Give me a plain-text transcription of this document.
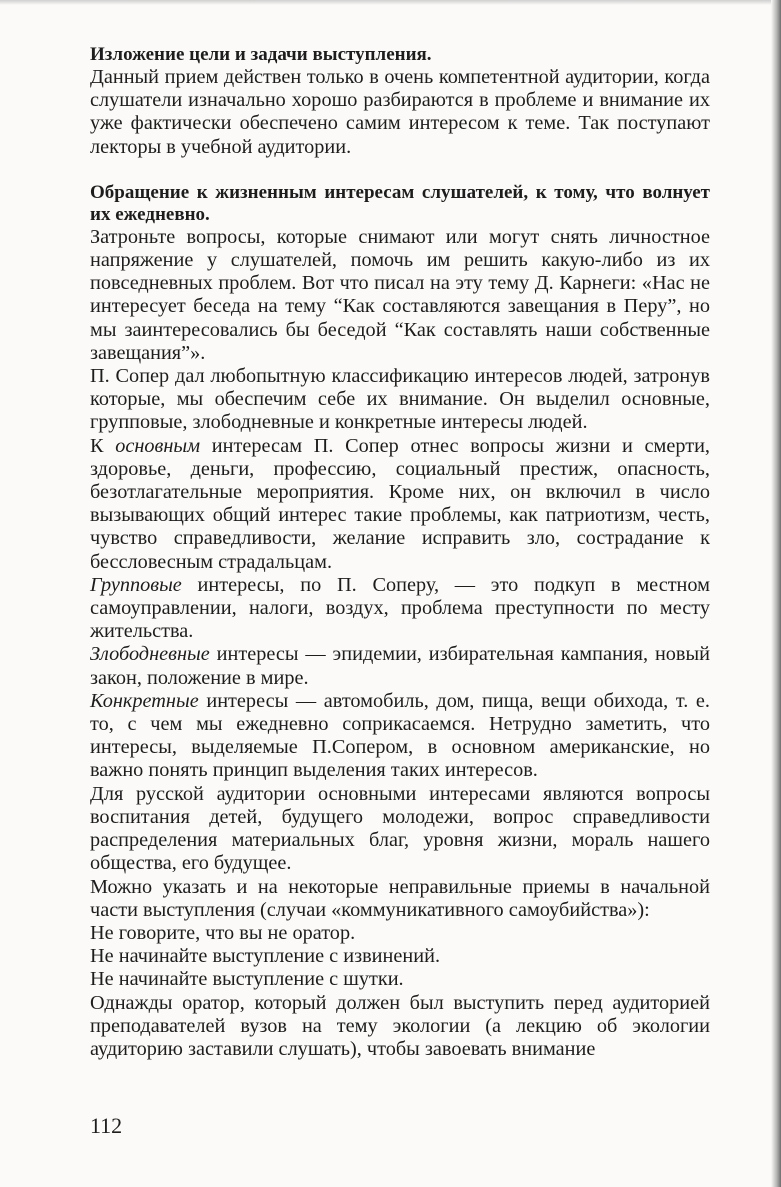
Изложение цели и задачи выступления.

Данный прием действен только в очень компетентной аудитории, когда слушатели изначально хорошо разбираются в проблеме и внимание их уже фактически обеспечено самим интересом к теме. Так поступают лекторы в учебной аудитории.

Обращение к жизненным интересам слушателей, к тому, что волнует их ежедневно.

Затроньте вопросы, которые снимают или могут снять личностное напряжение у слушателей, помочь им решить какую-либо из их повседневных проблем. Вот что писал на эту тему Д. Карнеги: «Нас не интересует беседа на тему “Как составляются завещания в Перу”, но мы заинтересовались бы беседой “Как составлять наши собственные завещания”».

П. Сопер дал любопытную классификацию интересов людей, затронув которые, мы обеспечим себе их внимание. Он выделил основные, групповые, злободневные и конкретные интересы людей.

К основным интересам П. Сопер отнес вопросы жизни и смерти, здоровье, деньги, профессию, социальный престиж, опасность, безотлагательные мероприятия. Кроме них, он включил в число вызывающих общий интерес такие проблемы, как патриотизм, честь, чувство справедливости, желание исправить зло, сострадание к бессловесным страдальцам.

Групповые интересы, по П. Соперу, — это подкуп в местном самоуправлении, налоги, воздух, проблема преступности по месту жительства.

Злободневные интересы — эпидемии, избирательная кампания, новый закон, положение в мире.

Конкретные интересы — автомобиль, дом, пища, вещи обихода, т. е. то, с чем мы ежедневно соприкасаемся. Нетрудно заметить, что интересы, выделяемые П.Сопером, в основном американские, но важно понять принцип выделения таких интересов.

Для русской аудитории основными интересами являются вопросы воспитания детей, будущего молодежи, вопрос справедливости распределения материальных благ, уровня жизни, мораль нашего общества, его будущее.

Можно указать и на некоторые неправильные приемы в начальной части выступления (случаи «коммуникативного самоубийства»):

Не говорите, что вы не оратор.

Не начинайте выступление с извинений.

Не начинайте выступление с шутки.

Однажды оратор, который должен был выступить перед аудиторией преподавателей вузов на тему экологии (а лекцию об экологии аудиторию заставили слушать), чтобы завоевать внимание

112
